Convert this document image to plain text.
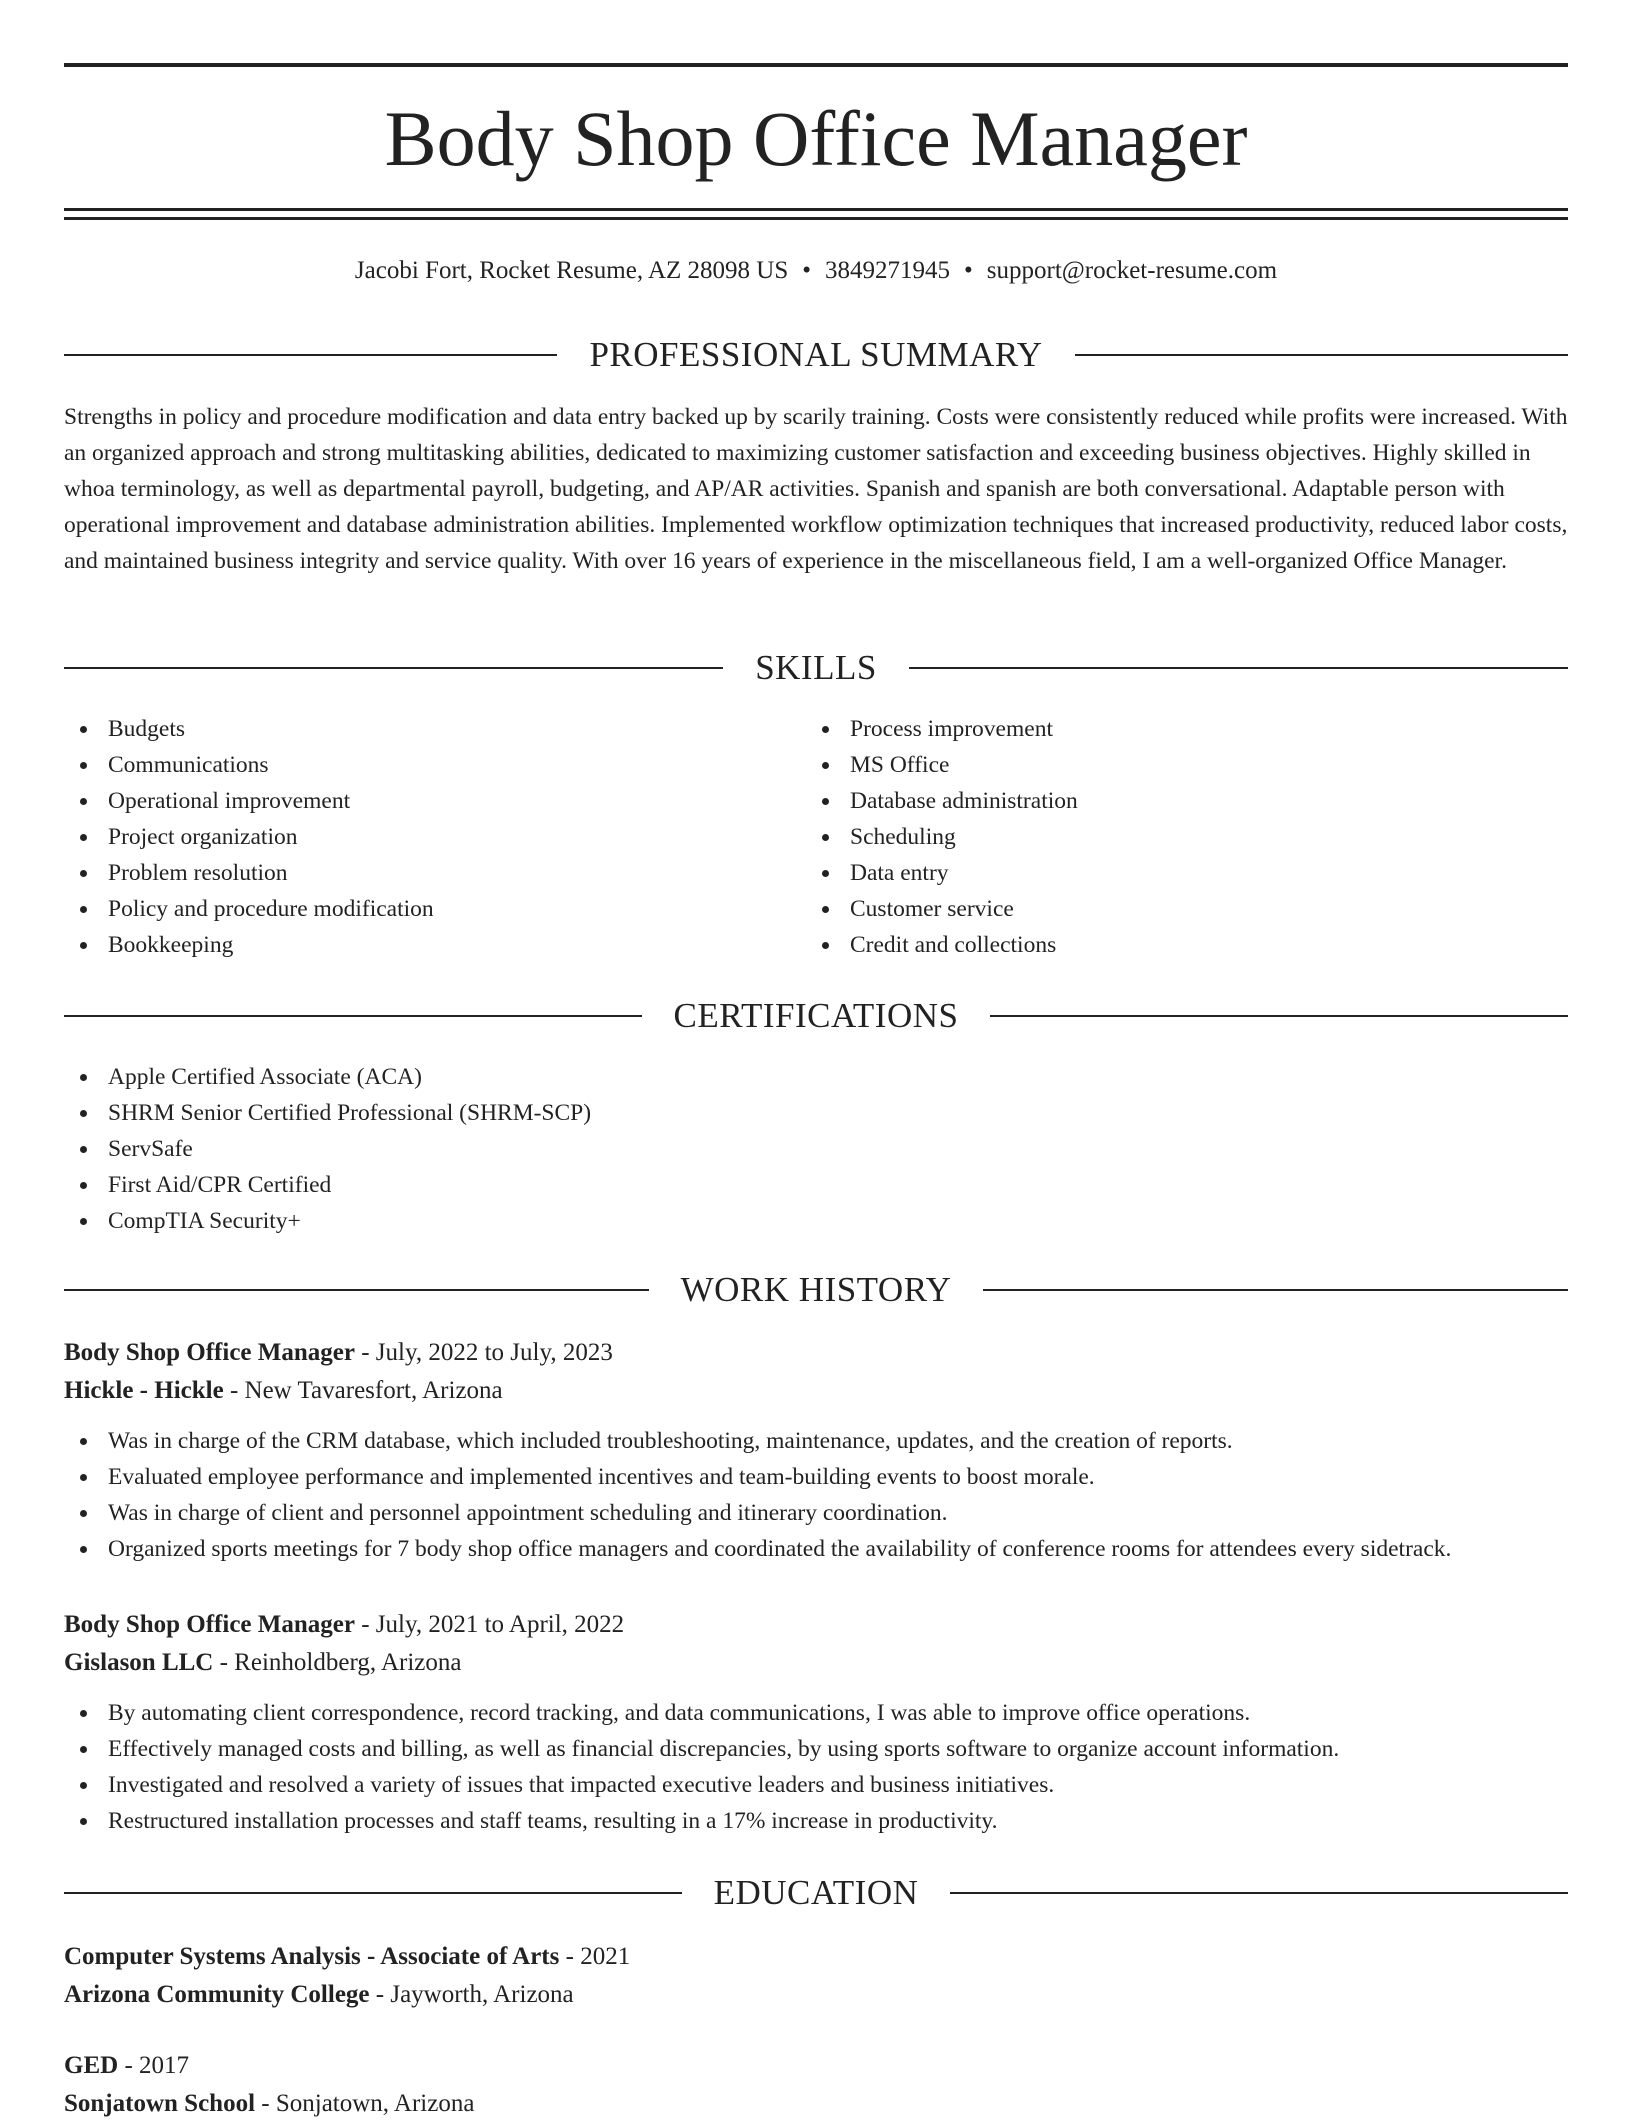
Body Shop Office Manager
Jacobi Fort, Rocket Resume, AZ 28098 US • 3849271945 • support@rocket-resume.com
PROFESSIONAL SUMMARY
Strengths in policy and procedure modification and data entry backed up by scarily training. Costs were consistently reduced while profits were increased. With an organized approach and strong multitasking abilities, dedicated to maximizing customer satisfaction and exceeding business objectives. Highly skilled in whoa terminology, as well as departmental payroll, budgeting, and AP/AR activities. Spanish and spanish are both conversational. Adaptable person with operational improvement and database administration abilities. Implemented workflow optimization techniques that increased productivity, reduced labor costs, and maintained business integrity and service quality. With over 16 years of experience in the miscellaneous field, I am a well-organized Office Manager.
SKILLS
Budgets
Communications
Operational improvement
Project organization
Problem resolution
Policy and procedure modification
Bookkeeping
Process improvement
MS Office
Database administration
Scheduling
Data entry
Customer service
Credit and collections
CERTIFICATIONS
Apple Certified Associate (ACA)
SHRM Senior Certified Professional (SHRM-SCP)
ServSafe
First Aid/CPR Certified
CompTIA Security+
WORK HISTORY
Body Shop Office Manager - July, 2022 to July, 2023
Hickle - Hickle - New Tavaresfort, Arizona
Was in charge of the CRM database, which included troubleshooting, maintenance, updates, and the creation of reports.
Evaluated employee performance and implemented incentives and team-building events to boost morale.
Was in charge of client and personnel appointment scheduling and itinerary coordination.
Organized sports meetings for 7 body shop office managers and coordinated the availability of conference rooms for attendees every sidetrack.
Body Shop Office Manager - July, 2021 to April, 2022
Gislason LLC - Reinholdberg, Arizona
By automating client correspondence, record tracking, and data communications, I was able to improve office operations.
Effectively managed costs and billing, as well as financial discrepancies, by using sports software to organize account information.
Investigated and resolved a variety of issues that impacted executive leaders and business initiatives.
Restructured installation processes and staff teams, resulting in a 17% increase in productivity.
EDUCATION
Computer Systems Analysis - Associate of Arts - 2021
Arizona Community College - Jayworth, Arizona
GED - 2017
Sonjatown School - Sonjatown, Arizona
